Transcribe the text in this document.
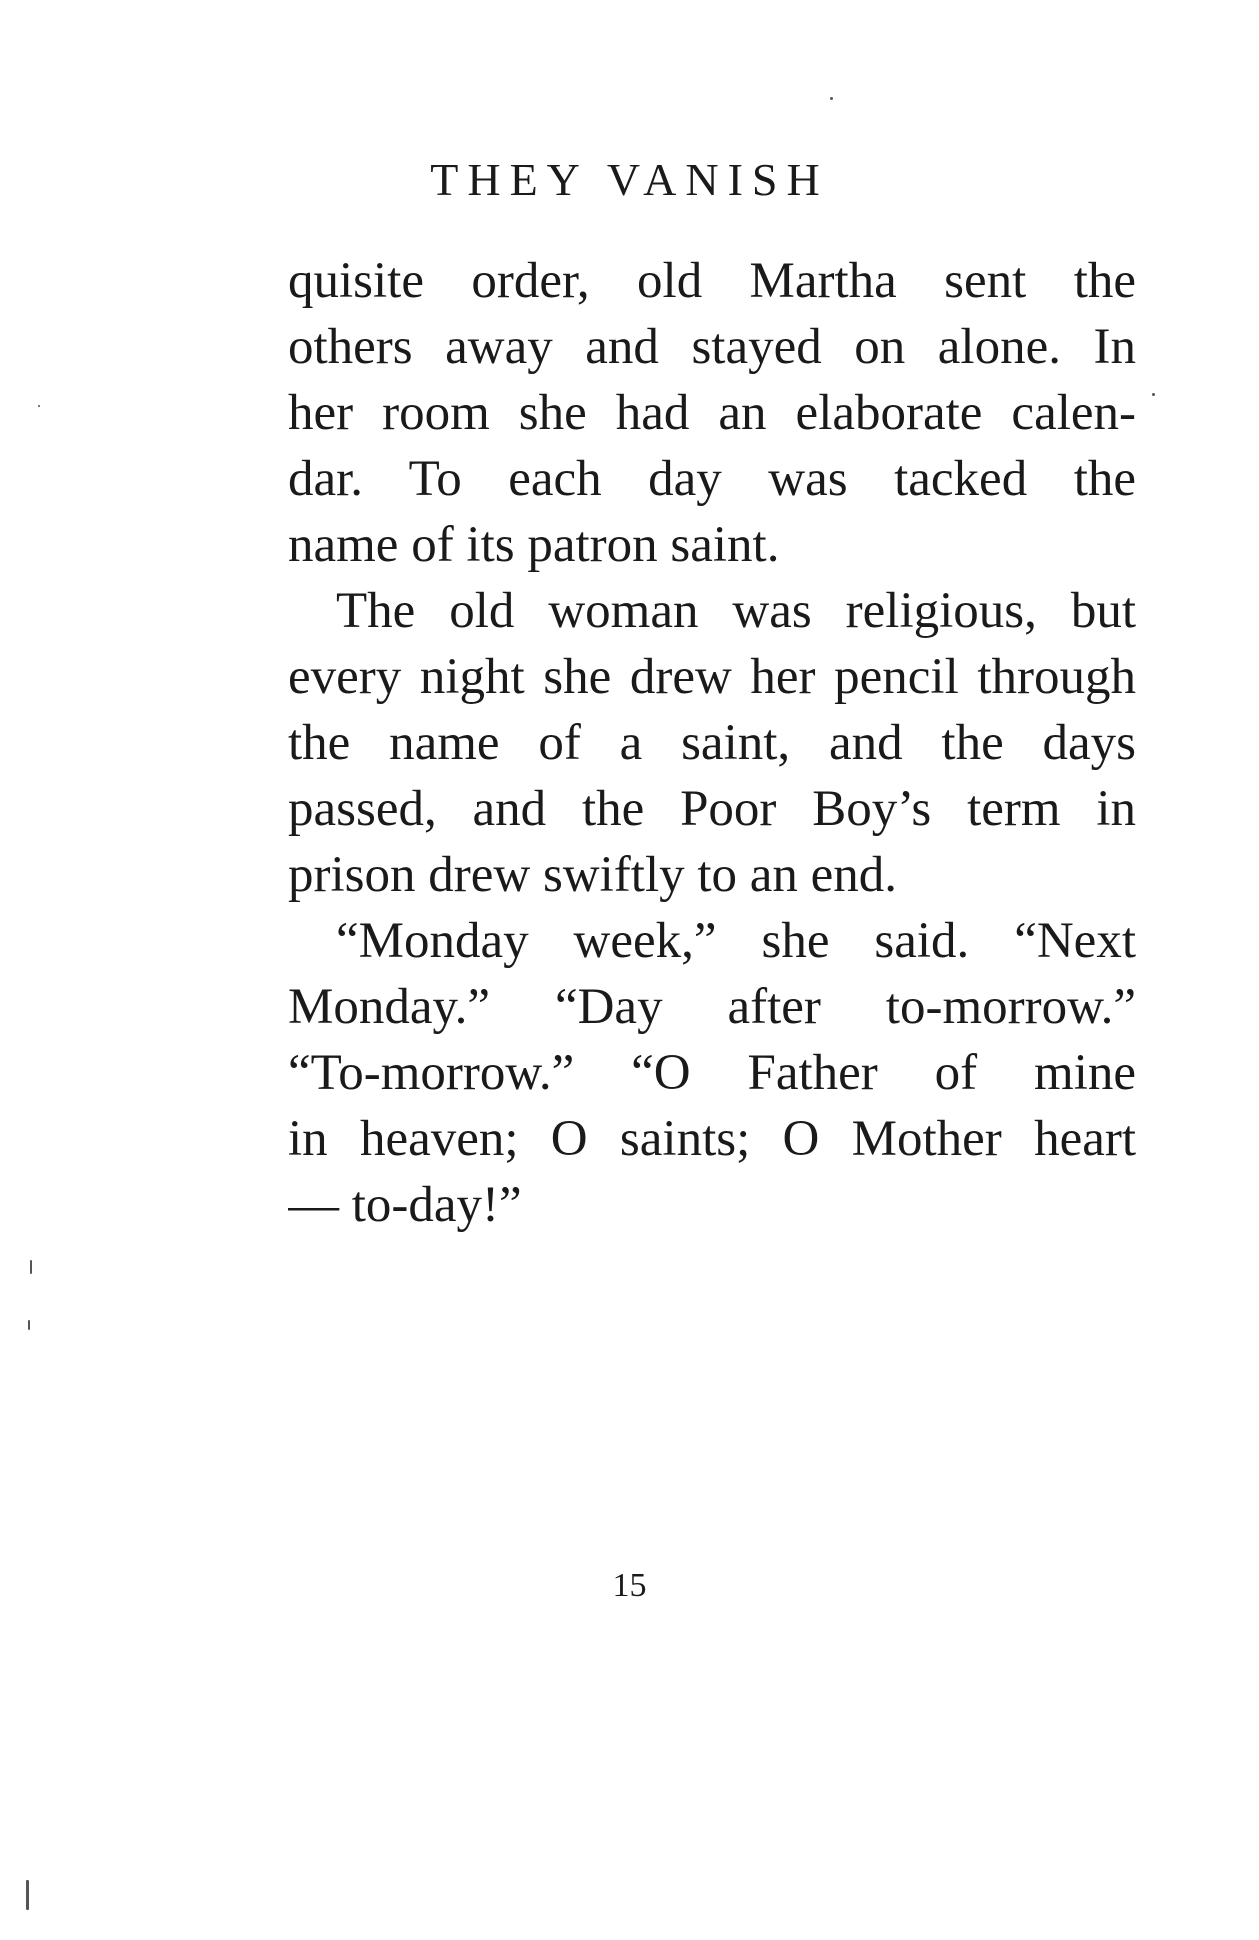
THEY VANISH
quisite order, old Martha sent the
others away and stayed on alone. In
her room she had an elaborate calen-
dar. To each day was tacked the
name of its patron saint.
The old woman was religious, but
every night she drew her pencil through
the name of a saint, and the days
passed, and the Poor Boy’s term in
prison drew swiftly to an end.
“Monday week,” she said. “Next
Monday.” “Day after to-morrow.”
“To-morrow.” “O Father of mine
in heaven; O saints; O Mother heart
— to-day!”
15
